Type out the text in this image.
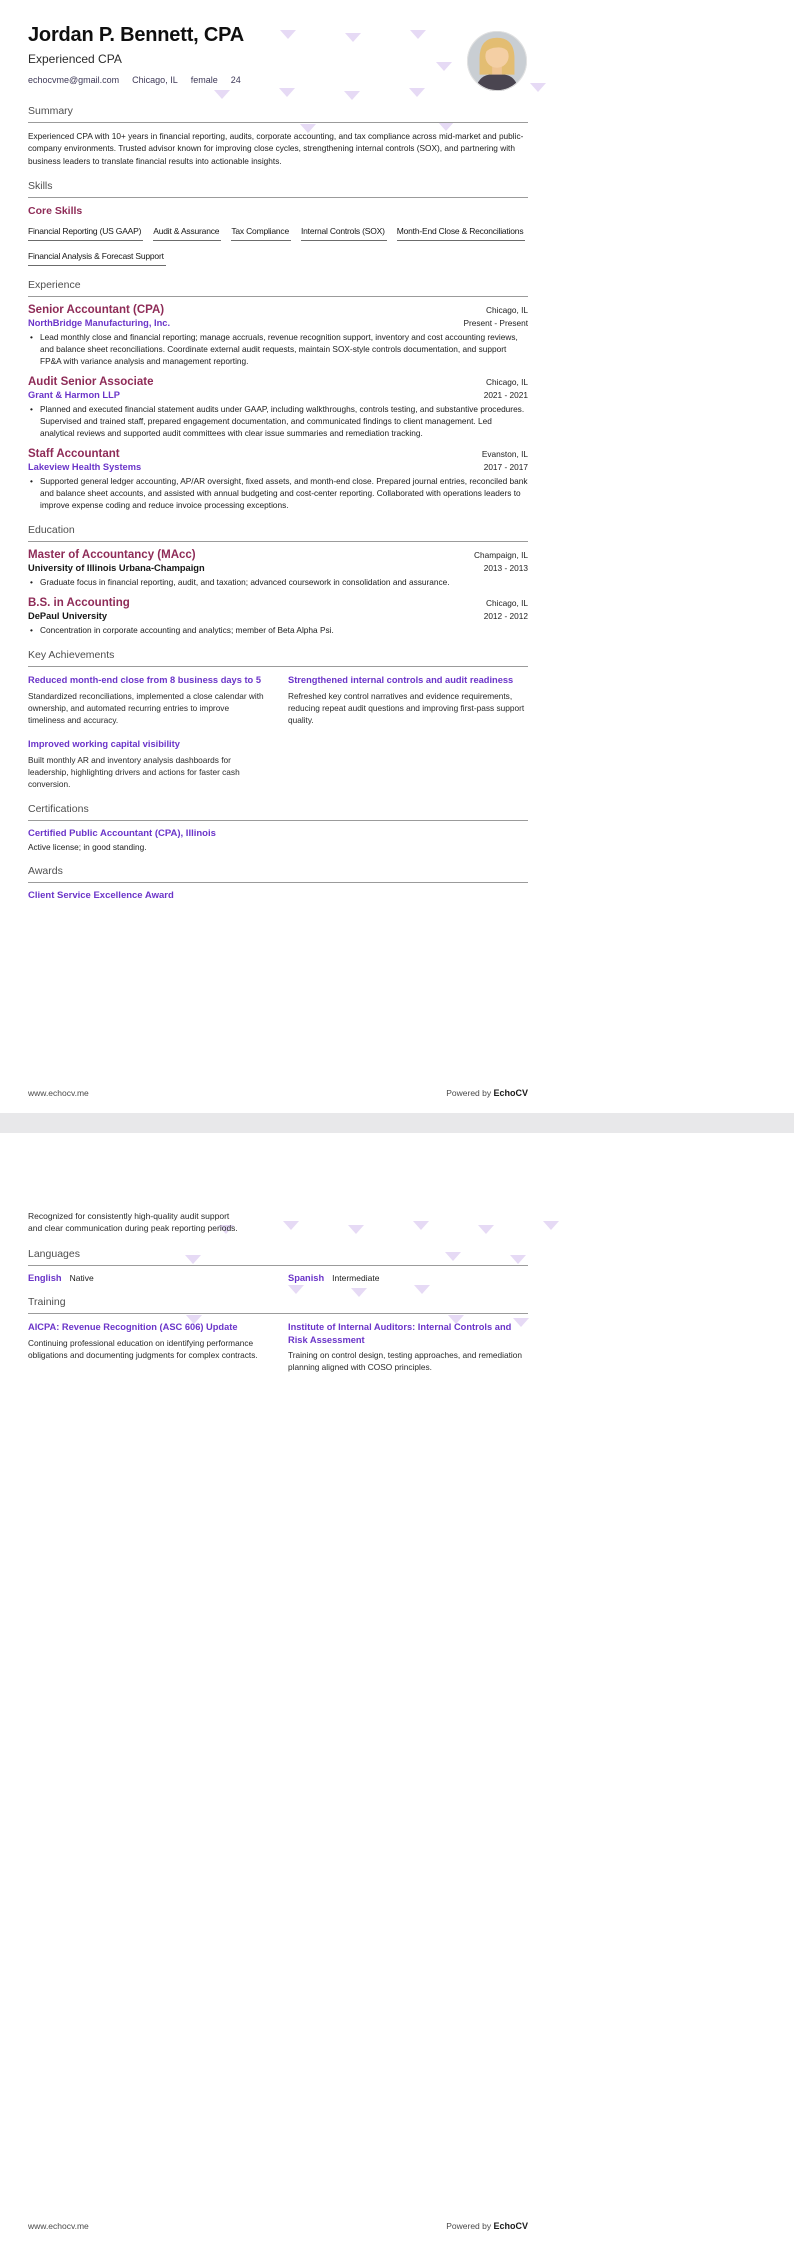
Jordan P. Bennett, CPA
Experienced CPA
echocvme@gmail.com Chicago, IL female 24
Summary

Experienced CPA with 10+ years in financial reporting, audits, corporate accounting, and tax compliance across mid-market and public-company environments. Trusted advisor known for improving close cycles, strengthening internal controls (SOX), and partnering with business leaders to translate financial results into actionable insights.

Skills
Core Skills
Financial Reporting (US GAAP) Audit & Assurance Tax Compliance Internal Controls (SOX) Month-End Close & Reconciliations
Financial Analysis & Forecast Support
Experience
Senior Accountant (CPA)	Chicago, IL
NorthBridge Manufacturing, Inc.	Present - Present

• Lead monthly close and financial reporting; manage accruals, revenue recognition support, inventory and cost accounting reviews, and balance sheet reconciliations. Coordinate external audit requests, maintain SOX-style controls documentation, and support FP&A with variance analysis and management reporting.

Audit Senior Associate	Chicago, IL
Grant & Harmon LLP	2021 - 2021

• Planned and executed financial statement audits under GAAP, including walkthroughs, controls testing, and substantive procedures. Supervised and trained staff, prepared engagement documentation, and communicated findings to client management. Led analytical reviews and supported audit committees with clear issue summaries and remediation tracking.

Staff Accountant	Evanston, IL
Lakeview Health Systems	2017 - 2017

• Supported general ledger accounting, AP/AR oversight, fixed assets, and month-end close. Prepared journal entries, reconciled bank and balance sheet accounts, and assisted with annual budgeting and cost-center reporting. Collaborated with operations leaders to improve expense coding and reduce invoice processing exceptions.

Education
Master of Accountancy (MAcc)	Champaign, IL
University of Illinois Urbana-Champaign	2013 - 2013

• Graduate focus in financial reporting, audit, and taxation; advanced coursework in consolidation and assurance.

B.S. in Accounting	Chicago, IL
DePaul University	2012 - 2012

• Concentration in corporate accounting and analytics; member of Beta Alpha Psi.

Key Achievements
Reduced month-end close from 8 business days to 5
Standardized reconciliations, implemented a close calendar with ownership, and automated recurring entries to improve timeliness and accuracy.
Strengthened internal controls and audit readiness
Refreshed key control narratives and evidence requirements, reducing repeat audit questions and improving first-pass support quality.
Improved working capital visibility
Built monthly AR and inventory analysis dashboards for leadership, highlighting drivers and actions for faster cash conversion.
Certifications
Certified Public Accountant (CPA), Illinois
Active license; in good standing.
Awards
Client Service Excellence Award
www.echocv.me	Powered by EchoCV

Recognized for consistently high-quality audit support and clear communication during peak reporting periods.

Languages
English Native	Spanish Intermediate
Training
AICPA: Revenue Recognition (ASC 606) Update
Continuing professional education on identifying performance obligations and documenting judgments for complex contracts.
Institute of Internal Auditors: Internal Controls and Risk Assessment
Training on control design, testing approaches, and remediation planning aligned with COSO principles.
www.echocv.me	Powered by EchoCV
